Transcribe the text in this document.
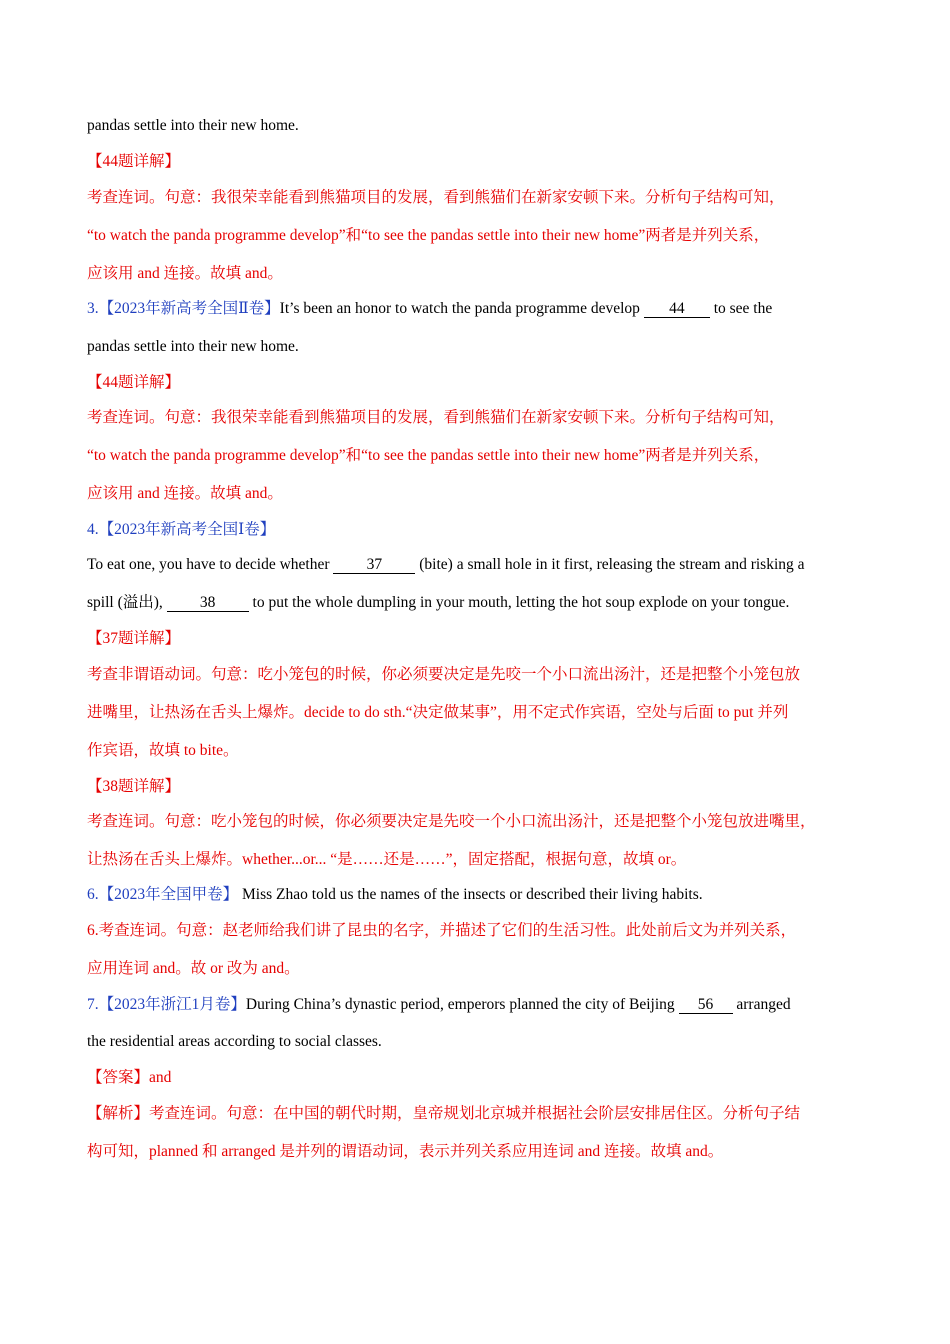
pandas settle into their new home.
【44题详解】
考查连词。句意：我很荣幸能看到熊猫项目的发展，看到熊猫们在新家安顿下来。分析句子结构可知，
“to watch the panda programme develop”和“to see the pandas settle into their new home”两者是并列关系，
应该用 and 连接。故填 and。
3.【2023年新高考全国Ⅱ卷】It’s been an honor to watch the panda programme develop 44 to see the
pandas settle into their new home.
【44题详解】
考查连词。句意：我很荣幸能看到熊猫项目的发展，看到熊猫们在新家安顿下来。分析句子结构可知，
“to watch the panda programme develop”和“to see the pandas settle into their new home”两者是并列关系，
应该用 and 连接。故填 and。
4.【2023年新高考全国Ⅰ卷】
To eat one, you have to decide whether 37 (bite) a small hole in it first, releasing the stream and risking a
spill (溢出), 38 to put the whole dumpling in your mouth, letting the hot soup explode on your tongue.
【37题详解】
考查非谓语动词。句意：吃小笼包的时候，你必须要决定是先咬一个小口流出汤汁，还是把整个小笼包放
进嘴里，让热汤在舌头上爆炸。decide to do sth.“决定做某事”，用不定式作宾语，空处与后面 to put 并列
作宾语，故填 to bite。
【38题详解】
考查连词。句意：吃小笼包的时候，你必须要决定是先咬一个小口流出汤汁，还是把整个小笼包放进嘴里，
让热汤在舌头上爆炸。whether...or... “是……还是……”，固定搭配，根据句意，故填 or。
6.【2023年全国甲卷】 Miss Zhao told us the names of the insects or described their living habits.
6.考查连词。句意：赵老师给我们讲了昆虫的名字，并描述了它们的生活习性。此处前后文为并列关系，
应用连词 and。故 or 改为 and。
7.【2023年浙江1月卷】During China’s dynastic period, emperors planned the city of Beijing 56 arranged
the residential areas according to social classes.
【答案】and
【解析】考查连词。句意：在中国的朝代时期，皇帝规划北京城并根据社会阶层安排居住区。分析句子结
构可知，planned 和 arranged 是并列的谓语动词，表示并列关系应用连词 and 连接。故填 and。
